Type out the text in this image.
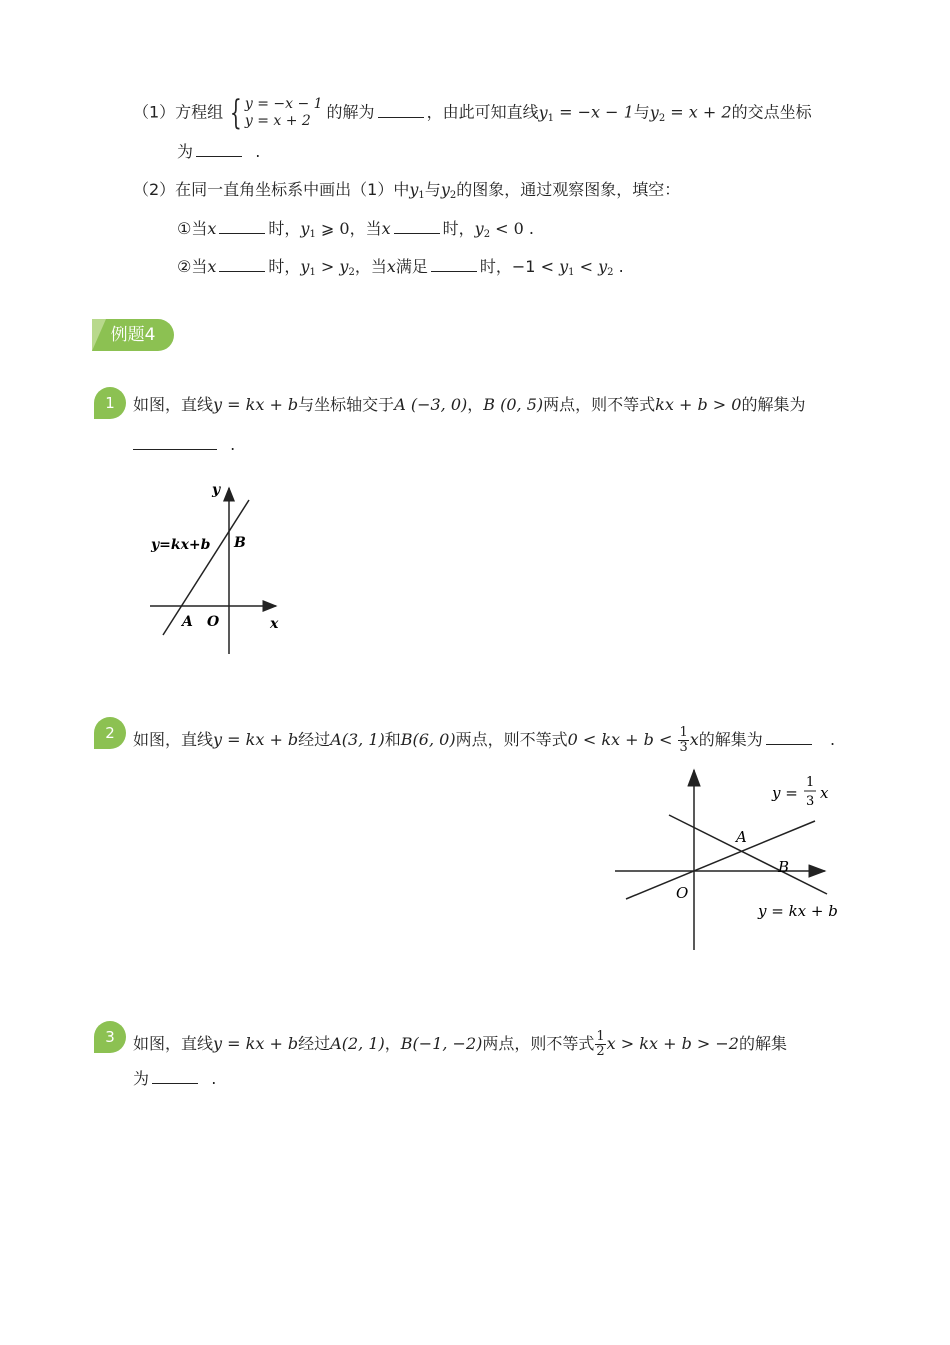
（1）方程组 { y = −x − 1
y = x + 2 的解为	，由此可知直线$y_1 = -x - 1$与$y_2 = x + 2$的交点坐标
为	.
（2）在同一直角坐标系中画出（1）中$y_1$与$y_2$的图象，通过观察图象，填空：
①当x	时，$y_1$ ⩾ 0，当x	时，$y_2 < 0$ .
②当x	时，$y_1 > y_2$，当x满足	时，$-1 < y_1 < y_2$ .
例题4
1	如图，直线y = kx + b与坐标轴交于A (−3, 0)，B (0, 5)两点，则不等式kx + b > 0的解集为
.
y
x
y=kx+b
A O
B
2	如图，直线y = kx + b经过A(3, 1)和B(6, 0)两点，则不等式0 < kx + $b < \frac{1}{3}$ x的解集为	.
y =
1
3 x
A
B
O
y = kx + b
3	如图，直线y = kx + b经过A(2, 1)，B(−1, −2)两点，则不等式 $\frac{1}{2}$ x > kx + b > −2的解集
为	.
